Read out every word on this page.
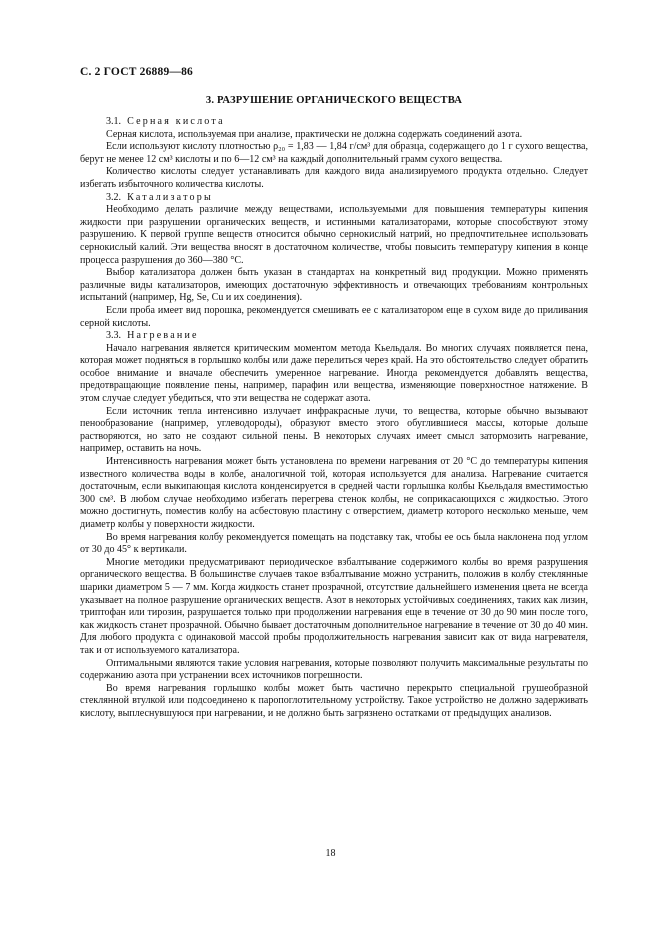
С. 2 ГОСТ 26889—86
3. РАЗРУШЕНИЕ ОРГАНИЧЕСКОГО ВЕЩЕСТВА

3.1. Серная кислота

Серная кислота, используемая при анализе, практически не должна содержать соединений азота.

Если используют кислоту плотностью ρ₂₀ = 1,83 — 1,84 г/см³ для образца, содержащего до 1 г сухого вещества, берут не менее 12 см³ кислоты и по 6—12 см³ на каждый дополнительный грамм сухого вещества.

Количество кислоты следует устанавливать для каждого вида анализируемого продукта отдельно. Следует избегать избыточного количества кислоты.

3.2. Катализаторы

Необходимо делать различие между веществами, используемыми для повышения температуры кипения жидкости при разрушении органических веществ, и истинными катализаторами, которые способствуют этому разрушению. К первой группе веществ относится обычно сернокислый натрий, но предпочтительнее использовать сернокислый калий. Эти вещества вносят в достаточном количестве, чтобы повысить температуру кипения в конце процесса разрушения до 360—380 °С.

Выбор катализатора должен быть указан в стандартах на конкретный вид продукции. Можно применять различные виды катализаторов, имеющих достаточную эффективность и отвечающих требованиям контрольных испытаний (например, Hg, Se, Cu и их соединения).

Если проба имеет вид порошка, рекомендуется смешивать ее с катализатором еще в сухом виде до приливания серной кислоты.

3.3. Нагревание

Начало нагревания является критическим моментом метода Кьельдаля. Во многих случаях появляется пена, которая может подняться в горлышко колбы или даже перелиться через край. На это обстоятельство следует обратить особое внимание и вначале обеспечить умеренное нагревание. Иногда рекомендуется добавлять вещества, предотвращающие появление пены, например, парафин или вещества, изменяющие поверхностное натяжение. В этом случае следует убедиться, что эти вещества не содержат азота.

Если источник тепла интенсивно излучает инфракрасные лучи, то вещества, которые обычно вызывают пенообразование (например, углеводороды), образуют вместо этого обуглившиеся массы, которые дольше растворяются, но зато не создают сильной пены. В некоторых случаях имеет смысл затормозить нагревание, например, оставить на ночь.

Интенсивность нагревания может быть установлена по времени нагревания от 20 °С до температуры кипения известного количества воды в колбе, аналогичной той, которая используется для анализа. Нагревание считается достаточным, если выкипающая кислота конденсируется в средней части горлышка колбы Кьельдаля вместимостью 300 см³. В любом случае необходимо избегать перегрева стенок колбы, не соприкасающихся с жидкостью. Этого можно достигнуть, поместив колбу на асбестовую пластину с отверстием, диаметр которого несколько меньше, чем диаметр колбы у поверхности жидкости.

Во время нагревания колбу рекомендуется помещать на подставку так, чтобы ее ось была наклонена под углом от 30 до 45° к вертикали.

Многие методики предусматривают периодическое взбалтывание содержимого колбы во время разрушения органического вещества. В большинстве случаев такое взбалтывание можно устранить, положив в колбу стеклянные шарики диаметром 5 — 7 мм. Когда жидкость станет прозрачной, отсутствие дальнейшего изменения цвета не всегда указывает на полное разрушение органических веществ. Азот в некоторых устойчивых соединениях, таких как лизин, триптофан или тирозин, разрушается только при продолжении нагревания еще в течение от 30 до 90 мин после того, как жидкость станет прозрачной. Обычно бывает достаточным дополнительное нагревание в течение от 30 до 40 мин. Для любого продукта с одинаковой массой пробы продолжительность нагревания зависит как от вида нагревателя, так и от используемого катализатора.

Оптимальными являются такие условия нагревания, которые позволяют получить максимальные результаты по содержанию азота при устранении всех источников погрешности.

Во время нагревания горлышко колбы может быть частично перекрыто специальной грушеобразной стеклянной втулкой или подсоединено к паропоглотительному устройству. Такое устройство не должно задерживать кислоту, выплеснувшуюся при нагревании, и не должно быть загрязнено остатками от предыдущих анализов.

18
